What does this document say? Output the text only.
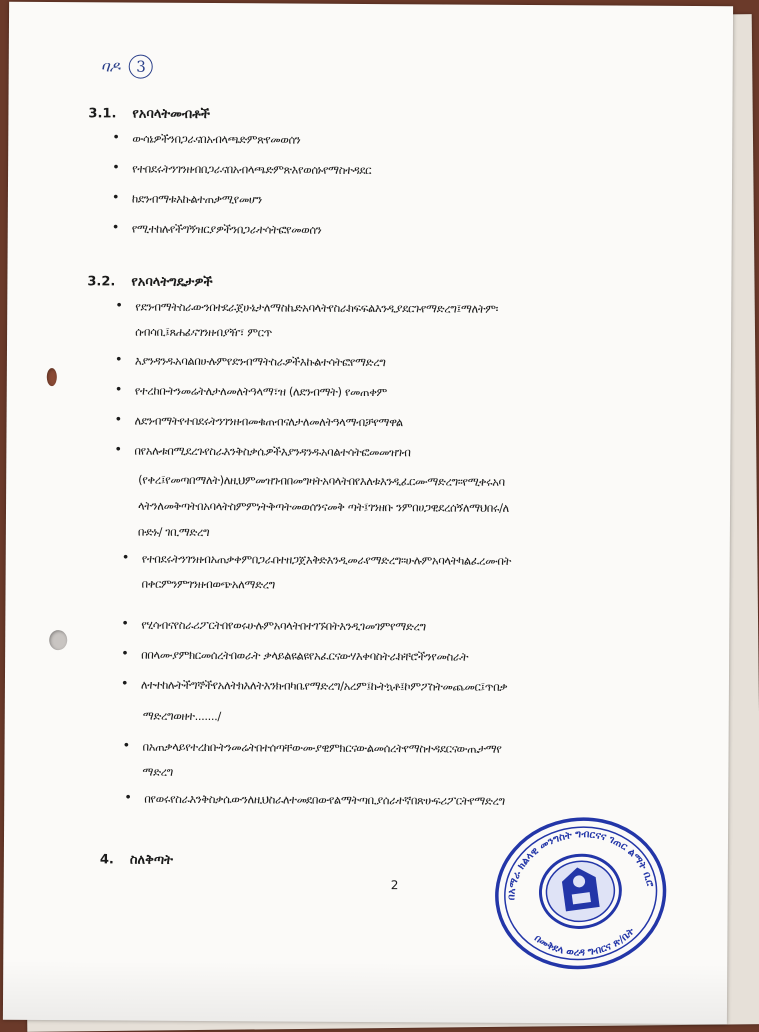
ባዶ 3
3.1. የአባላትመብቶች
• ውሳኔዎችንበጋራናበአብላጫድምጽየመወሰን
• የተበደሩትንገንዘብበጋራናበአብላጫድምጽእየወሰኑየማስተዳደር
• ከደንብማቱእኩልተጠቃሚየመሆን
• የሚተከሉየችግኝዝርያዎችንበጋራተሳትፎየመወሰን
3.2. የአባላትግዴታዎች
• የደንብማትስራውንበተደራጀሁኔታለማስኬድአባላትየስራክፍፍልእንዲያደርጉየማድረግ፤ማለትም፡
ሰብሳቢ፤ጸሐፊናገንዘብያዥ፣ ምርጥ
• እያንዳንዱአባልበሁሉምየደንብማትስራዎችእኩልተሳትፎየማድረግ
• የተረከቡትንመሬትለታለመለትዓላማ፣ዝ (ለደንብማት) የመጠቀም
• ለደንብማትየተበደሩትንገንዘብመቁጠብናለታለመለትዓላማብቻየማዋል
• በየአሉቱበሚደረጉየስራእንቅስቃሴዎችእያንዳንዱአባልተሳትፎመመዝገብ
(የቀረ፤የመጣበማለት)ለዚህምመዝገብበመግዛትአባላትበየእለቱእንዲፈርሙማድረግ፡፡የሚቀሩአባ
ላትንለመቅጣትበአባላትስምምነትቅጣትመወሰንናመቅ ጣት፤ገንዘቡ ንምበሀጋዊደረሰኝለማህበሩ/ለ
ቡድኑ/ ገቢማድረግ
• የተበደሩትንገንዘብአጠቃቀምበጋራበተዘጋጀእቅድእንዲመራየማድረግ፡፡ሁሉምአባላትካልፈረሙበት
በቀርምንምገንዘብወጭአለማድረግ
• የሂሳብናየስራሪፖርትበየወሩሁሉምአባላትበተገኙበትእንዲገመገምየማድረግ
• በበላሙያምክርመሰረትበወራት ቃላይልዩልዩየአፈርናውሃእቀባስትራክቸሮችንየመስራት
• ለተተከሉትችግኞችየአለትክእለትእንክብካቤየማድረግ/አረም፤ኩትኳቶ፤ኮምፖስትመጨመር፤ጥበቃ
ማድረግወዘተ......./
• በአጠቃላይየተረከቡትንመሬትበተሰጣቸውሙያዊምክርናውልመሰረትየማስተዳደርናውጤታማየ
ማድረግ
• በየወሩየስራእንቅስቃሴውንለዚህስራለተመደበውየልማትጣቢያሰራተኛበጽሁፍሪፖርትየማድረግ
4. ስለቅጣት
2
በአማራ ክልላዊ መንግስት ግብርናና ገጠር ልማት ቢሮ
በመቅደላ ወረዳ ግብርና ጽ/ቤት
